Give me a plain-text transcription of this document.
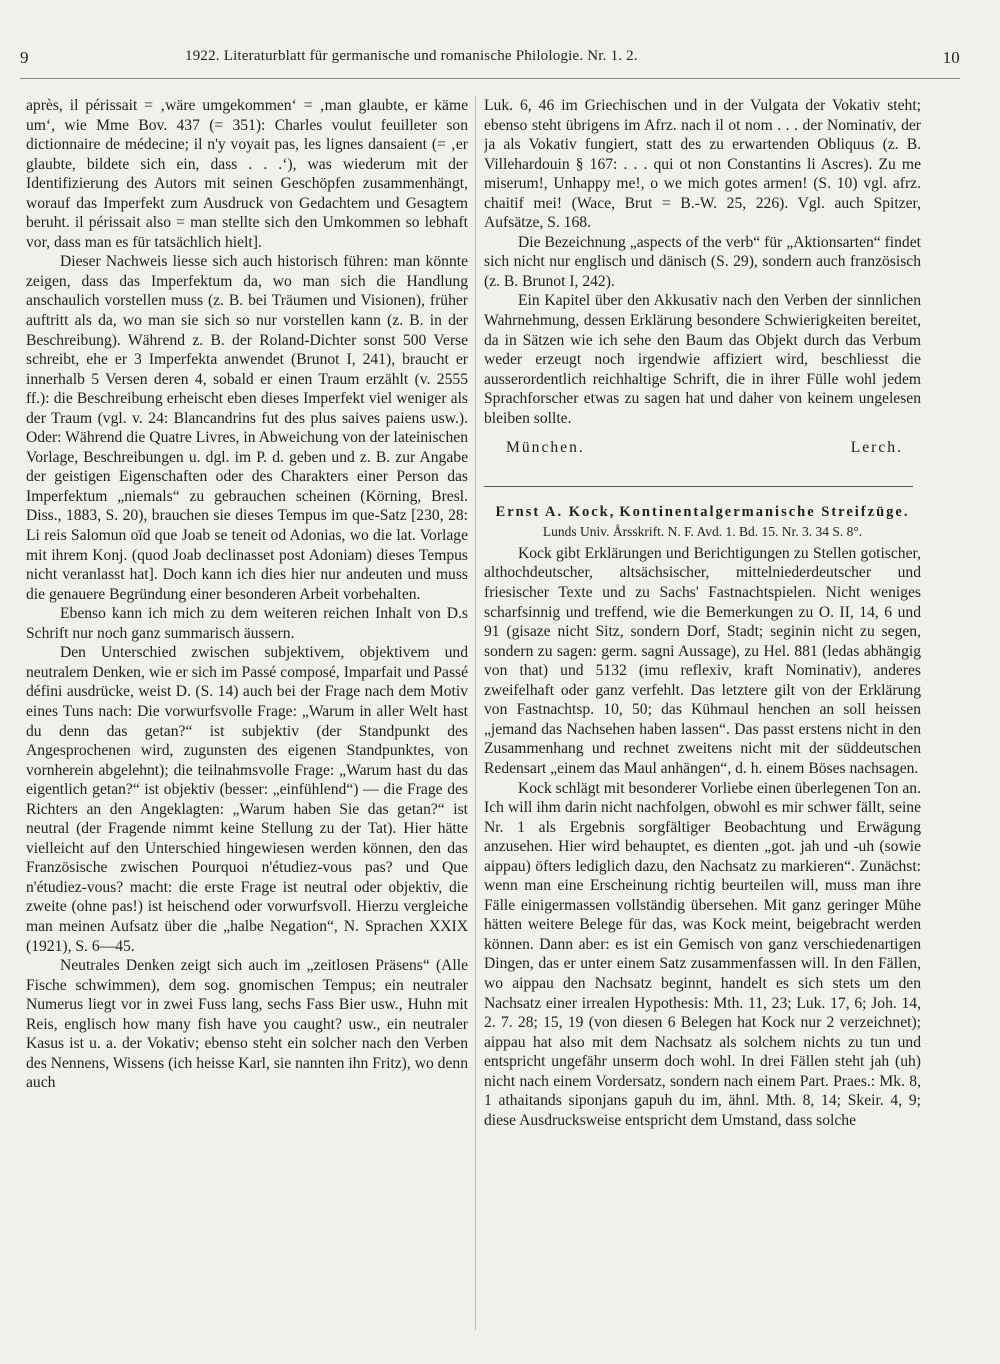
9	1922. Literaturblatt für germanische und romanische Philologie. Nr. 1. 2.	10

après, il périssait = ‚wäre umgekommen‘ = ‚man glaubte, er käme um‘, wie Mme Bov. 437 (= 351): Charles voulut feuilleter son dictionnaire de médecine; il n'y voyait pas, les lignes dansaient (= ‚er glaubte, bildete sich ein, dass . . .‘), was wiederum mit der Identifizierung des Autors mit seinen Geschöpfen zusammenhängt, worauf das Imperfekt zum Ausdruck von Gedachtem und Gesagtem beruht. il périssait also = man stellte sich den Umkommen so lebhaft vor, dass man es für tatsächlich hielt].

Dieser Nachweis liesse sich auch historisch führen: man könnte zeigen, dass das Imperfektum da, wo man sich die Handlung anschaulich vorstellen muss (z. B. bei Träumen und Visionen), früher auftritt als da, wo man sie sich so nur vorstellen kann (z. B. in der Beschreibung). Während z. B. der Roland-Dichter sonst 500 Verse schreibt, ehe er 3 Imperfekta anwendet (Brunot I, 241), braucht er innerhalb 5 Versen deren 4, sobald er einen Traum erzählt (v. 2555 ff.): die Beschreibung erheischt eben dieses Imperfekt viel weniger als der Traum (vgl. v. 24: Blancandrins fut des plus saives paiens usw.). Oder: Während die Quatre Livres, in Abweichung von der lateinischen Vorlage, Beschreibungen u. dgl. im P. d. geben und z. B. zur Angabe der geistigen Eigenschaften oder des Charakters einer Person das Imperfektum „niemals“ zu gebrauchen scheinen (Körning, Bresl. Diss., 1883, S. 20), brauchen sie dieses Tempus im que-Satz [230, 28: Li reis Salomun oïd que Joab se teneit od Adonias, wo die lat. Vorlage mit ihrem Konj. (quod Joab declinasset post Adoniam) dieses Tempus nicht veranlasst hat]. Doch kann ich dies hier nur andeuten und muss die genauere Begründung einer besonderen Arbeit vorbehalten.

Ebenso kann ich mich zu dem weiteren reichen Inhalt von D.s Schrift nur noch ganz summarisch äussern.

Den Unterschied zwischen subjektivem, objektivem und neutralem Denken, wie er sich im Passé composé, Imparfait und Passé défini ausdrücke, weist D. (S. 14) auch bei der Frage nach dem Motiv eines Tuns nach: Die vorwurfsvolle Frage: „Warum in aller Welt hast du denn das getan?“ ist subjektiv (der Standpunkt des Angesprochenen wird, zugunsten des eigenen Standpunktes, von vornherein abgelehnt); die teilnahmsvolle Frage: „Warum hast du das eigentlich getan?“ ist objektiv (besser: „einfühlend“) — die Frage des Richters an den Angeklagten: „Warum haben Sie das getan?“ ist neutral (der Fragende nimmt keine Stellung zu der Tat). Hier hätte vielleicht auf den Unterschied hingewiesen werden können, den das Französische zwischen Pourquoi n'étudiez-vous pas? und Que n'étudiez-vous? macht: die erste Frage ist neutral oder objektiv, die zweite (ohne pas!) ist heischend oder vorwurfsvoll. Hierzu vergleiche man meinen Aufsatz über die „halbe Negation“, N. Sprachen XXIX (1921), S. 6—45.

Neutrales Denken zeigt sich auch im „zeitlosen Präsens“ (Alle Fische schwimmen), dem sog. gnomischen Tempus; ein neutraler Numerus liegt vor in zwei Fuss lang, sechs Fass Bier usw., Huhn mit Reis, englisch how many fish have you caught? usw., ein neutraler Kasus ist u. a. der Vokativ; ebenso steht ein solcher nach den Verben des Nennens, Wissens (ich heisse Karl, sie nannten ihn Fritz), wo denn auch

Luk. 6, 46 im Griechischen und in der Vulgata der Vokativ steht; ebenso steht übrigens im Afrz. nach il ot nom . . . der Nominativ, der ja als Vokativ fungiert, statt des zu erwartenden Obliquus (z. B. Villehardouin § 167: . . . qui ot non Constantins li Ascres). Zu me miserum!, Unhappy me!, o we mich gotes armen! (S. 10) vgl. afrz. chaitif mei! (Wace, Brut = B.-W. 25, 226). Vgl. auch Spitzer, Aufsätze, S. 168.

Die Bezeichnung „aspects of the verb“ für „Aktionsarten“ findet sich nicht nur englisch und dänisch (S. 29), sondern auch französisch (z. B. Brunot I, 242).

Ein Kapitel über den Akkusativ nach den Verben der sinnlichen Wahrnehmung, dessen Erklärung besondere Schwierigkeiten bereitet, da in Sätzen wie ich sehe den Baum das Objekt durch das Verbum weder erzeugt noch irgendwie affiziert wird, beschliesst die ausserordentlich reichhaltige Schrift, die in ihrer Fülle wohl jedem Sprachforscher etwas zu sagen hat und daher von keinem ungelesen bleiben sollte.

München.	Lerch.
Ernst A. Kock, Kontinentalgermanische Streifzüge.
Lunds Univ. Årsskrift. N. F. Avd. 1. Bd. 15. Nr. 3. 34 S. 8°.

Kock gibt Erklärungen und Berichtigungen zu Stellen gotischer, althochdeutscher, altsächsischer, mittelniederdeutscher und friesischer Texte und zu Sachs' Fastnachtspielen. Nicht weniges scharfsinnig und treffend, wie die Bemerkungen zu O. II, 14, 6 und 91 (gisaze nicht Sitz, sondern Dorf, Stadt; seginin nicht zu segen, sondern zu sagen: germ. sagni Aussage), zu Hel. 881 (ledas abhängig von that) und 5132 (imu reflexiv, kraft Nominativ), anderes zweifelhaft oder ganz verfehlt. Das letztere gilt von der Erklärung von Fastnachtsp. 10, 50; das Kühmaul henchen an soll heissen „jemand das Nachsehen haben lassen“. Das passt erstens nicht in den Zusammenhang und rechnet zweitens nicht mit der süddeutschen Redensart „einem das Maul anhängen“, d. h. einem Böses nachsagen.

Kock schlägt mit besonderer Vorliebe einen überlegenen Ton an. Ich will ihm darin nicht nachfolgen, obwohl es mir schwer fällt, seine Nr. 1 als Ergebnis sorgfältiger Beobachtung und Erwägung anzusehen. Hier wird behauptet, es dienten „got. jah und -uh (sowie aippau) öfters lediglich dazu, den Nachsatz zu markieren“. Zunächst: wenn man eine Erscheinung richtig beurteilen will, muss man ihre Fälle einigermassen vollständig übersehen. Mit ganz geringer Mühe hätten weitere Belege für das, was Kock meint, beigebracht werden können. Dann aber: es ist ein Gemisch von ganz verschiedenartigen Dingen, das er unter einem Satz zusammenfassen will. In den Fällen, wo aippau den Nachsatz beginnt, handelt es sich stets um den Nachsatz einer irrealen Hypothesis: Mth. 11, 23; Luk. 17, 6; Joh. 14, 2. 7. 28; 15, 19 (von diesen 6 Belegen hat Kock nur 2 verzeichnet); aippau hat also mit dem Nachsatz als solchem nichts zu tun und entspricht ungefähr unserm doch wohl. In drei Fällen steht jah (uh) nicht nach einem Vordersatz, sondern nach einem Part. Praes.: Mk. 8, 1 athaitands siponjans gapuh du im, ähnl. Mth. 8, 14; Skeir. 4, 9; diese Ausdrucksweise entspricht dem Umstand, dass solche
